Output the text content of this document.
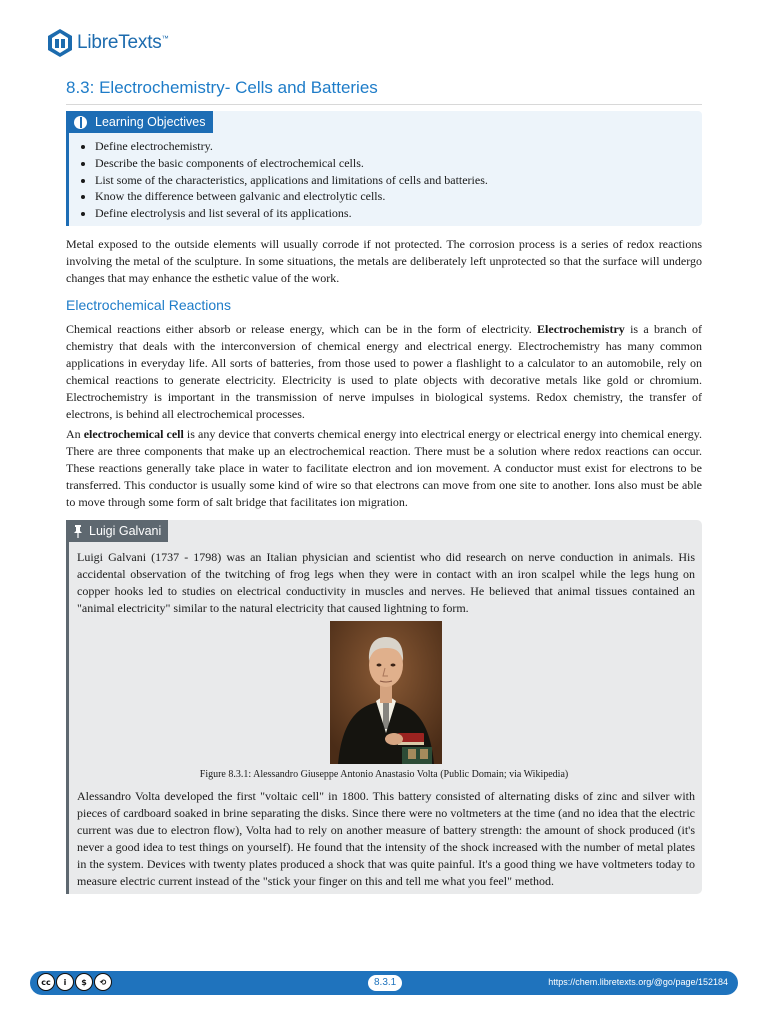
LibreTexts™
8.3: Electrochemistry- Cells and Batteries
Learning Objectives
• Define electrochemistry.
• Describe the basic components of electrochemical cells.
• List some of the characteristics, applications and limitations of cells and batteries.
• Know the difference between galvanic and electrolytic cells.
• Define electrolysis and list several of its applications.

Metal exposed to the outside elements will usually corrode if not protected. The corrosion process is a series of redox reactions involving the metal of the sculpture. In some situations, the metals are deliberately left unprotected so that the surface will undergo changes that may enhance the esthetic value of the work.

Electrochemical Reactions

Chemical reactions either absorb or release energy, which can be in the form of electricity. Electrochemistry is a branch of chemistry that deals with the interconversion of chemical energy and electrical energy. Electrochemistry has many common applications in everyday life. All sorts of batteries, from those used to power a flashlight to a calculator to an automobile, rely on chemical reactions to generate electricity. Electricity is used to plate objects with decorative metals like gold or chromium. Electrochemistry is important in the transmission of nerve impulses in biological systems. Redox chemistry, the transfer of electrons, is behind all electrochemical processes.

An electrochemical cell is any device that converts chemical energy into electrical energy or electrical energy into chemical energy. There are three components that make up an electrochemical reaction. There must be a solution where redox reactions can occur. These reactions generally take place in water to facilitate electron and ion movement. A conductor must exist for electrons to be transferred. This conductor is usually some kind of wire so that electrons can move from one site to another. Ions also must be able to move through some form of salt bridge that facilitates ion migration.

Luigi Galvani

Luigi Galvani (1737 - 1798) was an Italian physician and scientist who did research on nerve conduction in animals. His accidental observation of the twitching of frog legs when they were in contact with an iron scalpel while the legs hung on copper hooks led to studies on electrical conductivity in muscles and nerves. He believed that animal tissues contained an "animal electricity" similar to the natural electricity that caused lightning to form.

Figure 8.3.1: Alessandro Giuseppe Antonio Anastasio Volta (Public Domain; via Wikipedia)

Alessandro Volta developed the first "voltaic cell" in 1800. This battery consisted of alternating disks of zinc and silver with pieces of cardboard soaked in brine separating the disks. Since there were no voltmeters at the time (and no idea that the electric current was due to electron flow), Volta had to rely on another measure of battery strength: the amount of shock produced (it's never a good idea to test things on yourself). He found that the intensity of the shock increased with the number of metal plates in the system. Devices with twenty plates produced a shock that was quite painful. It's a good thing we have voltmeters today to measure electric current instead of the "stick your finger on this and tell me what you feel" method.

cc	i	$	⟲	8.3.1	https://chem.libretexts.org/@go/page/152184
